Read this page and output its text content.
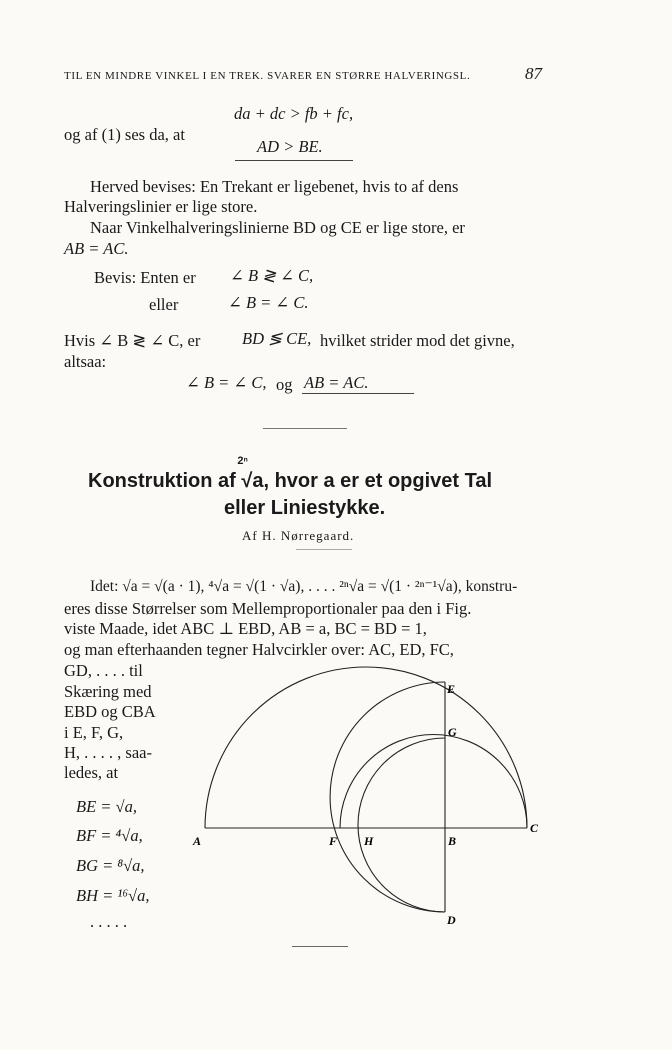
TIL EN MINDRE VINKEL I EN TREK. SVARER EN STØRRE HALVERINGSL.	87
da + dc > fb + fc,
og af (1) ses da, at
AD > BE.
Herved bevises: En Trekant er ligebenet, hvis to af dens
Halveringslinier er lige store.
Naar Vinkelhalveringslinierne BD og CE er lige store, er
AB = AC.
Bevis: Enten er ∠ B ≷ ∠ C,
eller	∠ B = ∠ C.
Hvis ∠ B ≷ ∠ C, er	BD ≶ CE, hvilket strider mod det givne,
altsaa:
∠ B = ∠ C, og AB = AC.
Konstruktion af
2ⁿ
√a, hvor a er et opgivet Tal
eller Liniestykke.
Af H. Nørregaard.
Idet: √a = √(a · 1), ⁴√a = √(1 · √a), . . . . ²ⁿ√a = √(1 · ²ⁿ⁻¹√a), konstru-
eres disse Størrelser som Mellemproportionaler paa den i Fig.
viste Maade, idet ABC ⊥ EBD, AB = a, BC = BD = 1,
og man efterhaanden tegner Halvcirkler over: AC, ED, FC,
GD, . . . . til
Skæring med
EBD og CBA
i E, F, G,
H, . . . . , saa-
ledes, at
BE = √a,
BF = ⁴√a,
BG = ⁸√a,
BH = ¹⁶√a,
. . . . .
A	B
C
D
E
F
G
H
